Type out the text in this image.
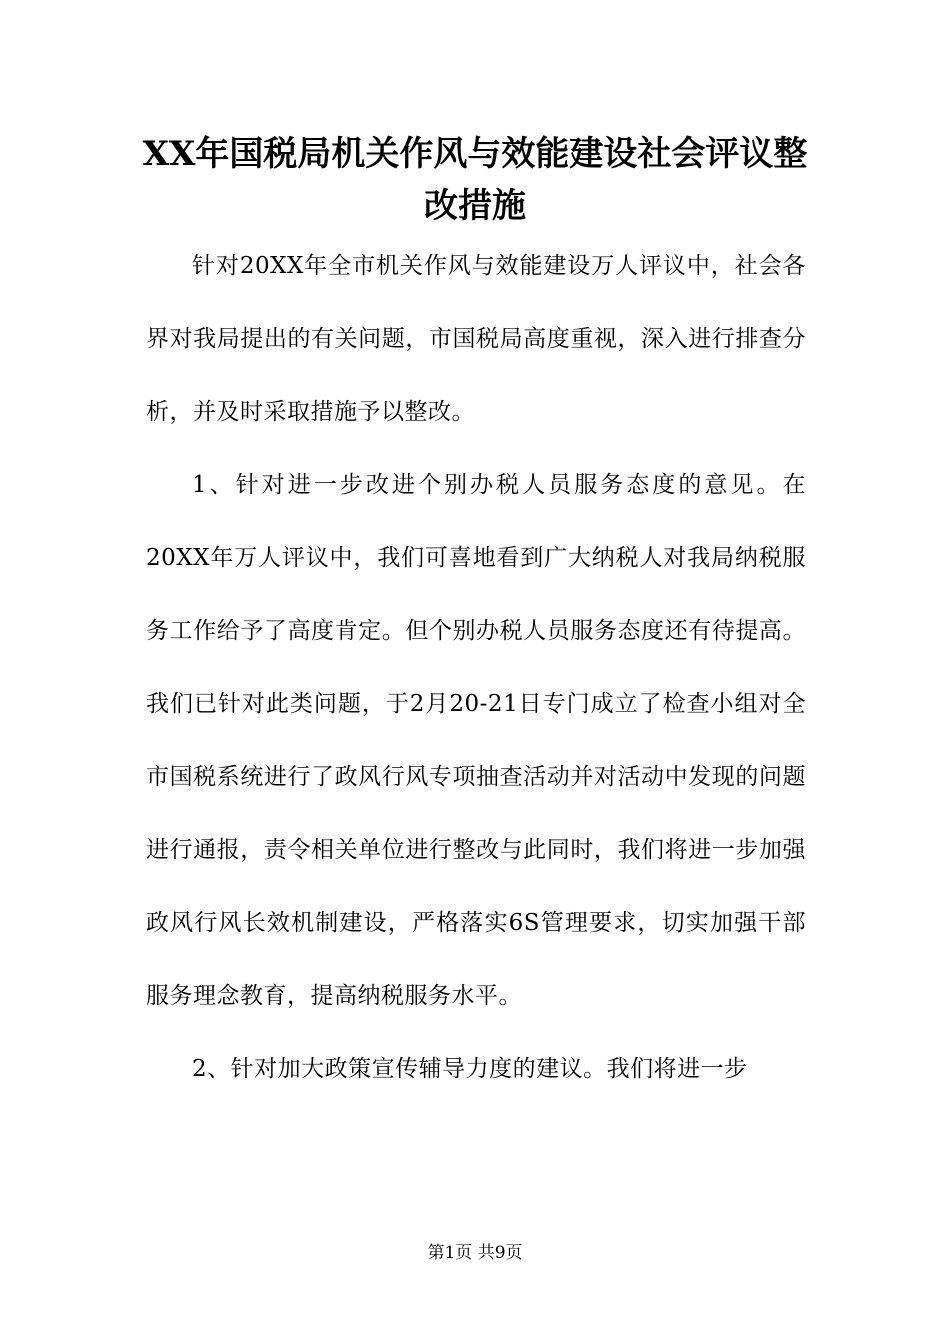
XX年国税局机关作风与效能建设社会评议整改措施

针对20XX年全市机关作风与效能建设万人评议中，社会各界对我局提出的有关问题，市国税局高度重视，深入进行排查分析，并及时采取措施予以整改。

1、针对进一步改进个别办税人员服务态度的意见。在20XX年万人评议中，我们可喜地看到广大纳税人对我局纳税服务工作给予了高度肯定。但个别办税人员服务态度还有待提高。我们已针对此类问题，于2月20-21日专门成立了检查小组对全市国税系统进行了政风行风专项抽查活动并对活动中发现的问题进行通报，责令相关单位进行整改与此同时，我们将进一步加强政风行风长效机制建设，严格落实6S管理要求，切实加强干部服务理念教育，提高纳税服务水平。

2、针对加大政策宣传辅导力度的建议。我们将进一步

第1页 共9页
